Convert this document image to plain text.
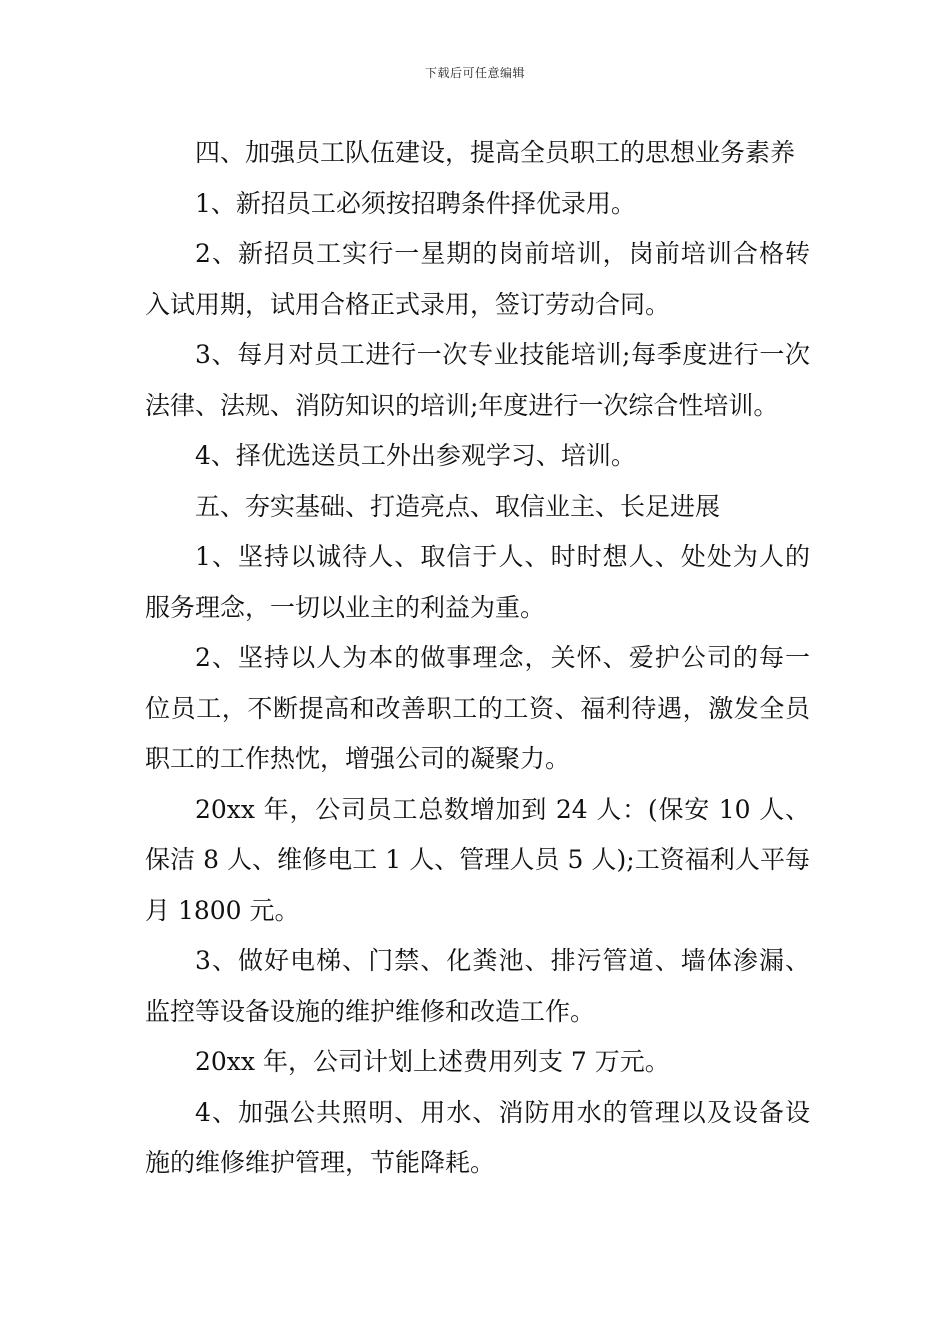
下载后可任意编辑

四、加强员工队伍建设，提高全员职工的思想业务素养

1、新招员工必须按招聘条件择优录用。

2、新招员工实行一星期的岗前培训，岗前培训合格转入试用期，试用合格正式录用，签订劳动合同。

3、每月对员工进行一次专业技能培训;每季度进行一次法律、法规、消防知识的培训;年度进行一次综合性培训。

4、择优选送员工外出参观学习、培训。

五、夯实基础、打造亮点、取信业主、长足进展

1、坚持以诚待人、取信于人、时时想人、处处为人的服务理念，一切以业主的利益为重。

2、坚持以人为本的做事理念，关怀、爱护公司的每一位员工，不断提高和改善职工的工资、福利待遇，激发全员职工的工作热忱，增强公司的凝聚力。

20xx 年，公司员工总数增加到 24 人：(保安 10 人、保洁 8 人、维修电工 1 人、管理人员 5 人);工资福利人平每月 1800 元。

3、做好电梯、门禁、化粪池、排污管道、墙体渗漏、监控等设备设施的维护维修和改造工作。

20xx 年，公司计划上述费用列支 7 万元。

4、加强公共照明、用水、消防用水的管理以及设备设施的维修维护管理，节能降耗。
